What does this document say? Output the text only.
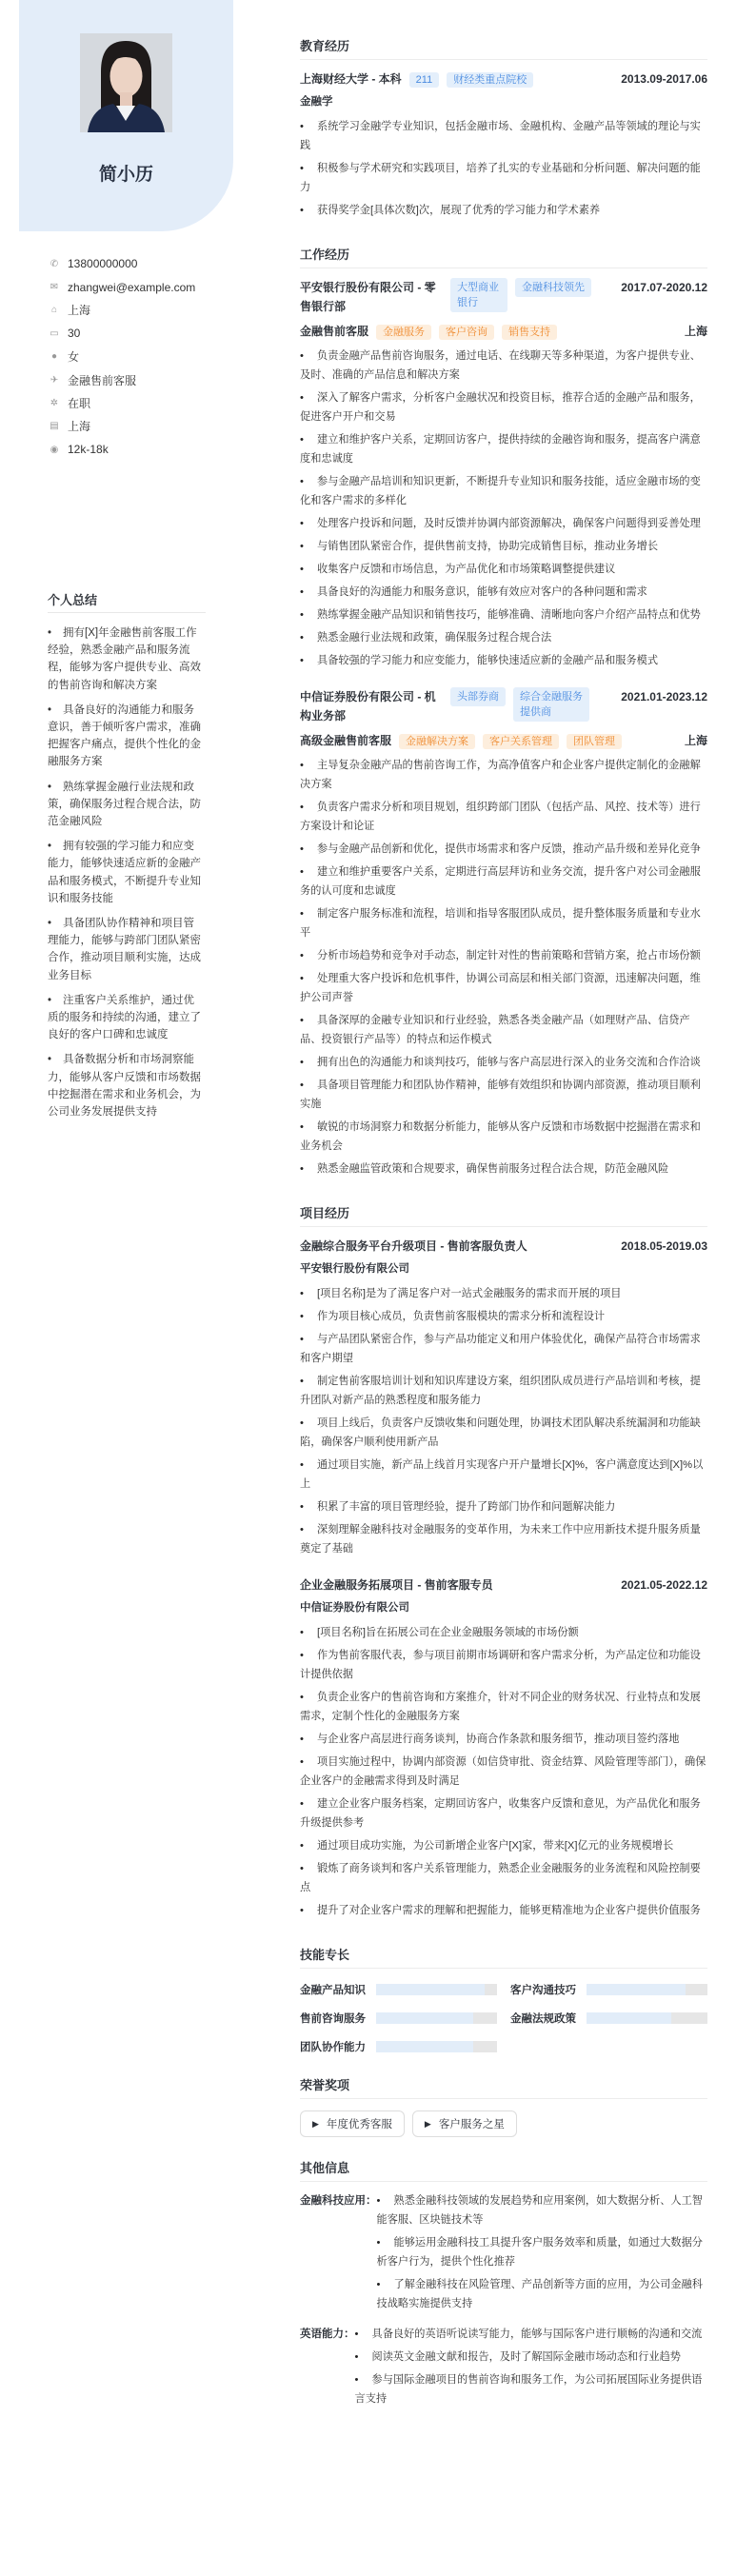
简小历
✆ 13800000000
✉ zhangwei@example.com
⌂ 上海
▭ 30
● 女
✈ 金融售前客服
✲ 在职
▤ 上海
◉ 12k-18k
个人总结
• 拥有[X]年金融售前客服工作经验，熟悉金融产品和服务流程，能够为客户提供专业、高效的售前咨询和解决方案
• 具备良好的沟通能力和服务意识，善于倾听客户需求，准确把握客户痛点，提供个性化的金融服务方案
• 熟练掌握金融行业法规和政策，确保服务过程合规合法，防范金融风险
• 拥有较强的学习能力和应变能力，能够快速适应新的金融产品和服务模式，不断提升专业知识和服务技能
• 具备团队协作精神和项目管理能力，能够与跨部门团队紧密合作，推动项目顺利实施，达成业务目标
• 注重客户关系维护，通过优质的服务和持续的沟通，建立了良好的客户口碑和忠诚度
• 具备数据分析和市场洞察能力，能够从客户反馈和市场数据中挖掘潜在需求和业务机会，为公司业务发展提供支持
教育经历
上海财经大学 - 本科 211 财经类重点院校	2013.09-2017.06
金融学
• 系统学习金融学专业知识，包括金融市场、金融机构、金融产品等领域的理论与实践
• 积极参与学术研究和实践项目，培养了扎实的专业基础和分析问题、解决问题的能力
• 获得奖学金[具体次数]次，展现了优秀的学习能力和学术素养
工作经历
平安银行股份有限公司 - 零售银行部
大型商业银行
金融科技领先	2017.07-2020.12
金融售前客服 金融服务 客户咨询 销售支持	上海
• 负责金融产品售前咨询服务，通过电话、在线聊天等多种渠道，为客户提供专业、及时、准确的产品信息和解决方案
• 深入了解客户需求，分析客户金融状况和投资目标，推荐合适的金融产品和服务，促进客户开户和交易
• 建立和维护客户关系，定期回访客户，提供持续的金融咨询和服务，提高客户满意度和忠诚度
• 参与金融产品培训和知识更新，不断提升专业知识和服务技能，适应金融市场的变化和客户需求的多样化
• 处理客户投诉和问题，及时反馈并协调内部资源解决，确保客户问题得到妥善处理
• 与销售团队紧密合作，提供售前支持，协助完成销售目标，推动业务增长
• 收集客户反馈和市场信息，为产品优化和市场策略调整提供建议
• 具备良好的沟通能力和服务意识，能够有效应对客户的各种问题和需求
• 熟练掌握金融产品知识和销售技巧，能够准确、清晰地向客户介绍产品特点和优势
• 熟悉金融行业法规和政策，确保服务过程合规合法
• 具备较强的学习能力和应变能力，能够快速适应新的金融产品和服务模式
中信证券股份有限公司 - 机构业务部
头部券商	综合金融服务提供商
2021.01-2023.12
高级金融售前客服 金融解决方案 客户关系管理 团队管理	上海
• 主导复杂金融产品的售前咨询工作，为高净值客户和企业客户提供定制化的金融解决方案
• 负责客户需求分析和项目规划，组织跨部门团队（包括产品、风控、技术等）进行方案设计和论证
• 参与金融产品创新和优化，提供市场需求和客户反馈，推动产品升级和差异化竞争
• 建立和维护重要客户关系，定期进行高层拜访和业务交流，提升客户对公司金融服务的认可度和忠诚度
• 制定客户服务标准和流程，培训和指导客服团队成员，提升整体服务质量和专业水平
• 分析市场趋势和竞争对手动态，制定针对性的售前策略和营销方案，抢占市场份额
• 处理重大客户投诉和危机事件，协调公司高层和相关部门资源，迅速解决问题，维护公司声誉
• 具备深厚的金融专业知识和行业经验，熟悉各类金融产品（如理财产品、信贷产品、投资银行产品等）的特点和运作模式
• 拥有出色的沟通能力和谈判技巧，能够与客户高层进行深入的业务交流和合作洽谈
• 具备项目管理能力和团队协作精神，能够有效组织和协调内部资源，推动项目顺利实施
• 敏锐的市场洞察力和数据分析能力，能够从客户反馈和市场数据中挖掘潜在需求和业务机会
• 熟悉金融监管政策和合规要求，确保售前服务过程合法合规，防范金融风险
项目经历
金融综合服务平台升级项目 - 售前客服负责人	2018.05-2019.03
平安银行股份有限公司
• [项目名称]是为了满足客户对一站式金融服务的需求而开展的项目
• 作为项目核心成员，负责售前客服模块的需求分析和流程设计
• 与产品团队紧密合作，参与产品功能定义和用户体验优化，确保产品符合市场需求和客户期望
• 制定售前客服培训计划和知识库建设方案，组织团队成员进行产品培训和考核，提升团队对新产品的熟悉程度和服务能力
• 项目上线后，负责客户反馈收集和问题处理，协调技术团队解决系统漏洞和功能缺陷，确保客户顺利使用新产品
• 通过项目实施，新产品上线首月实现客户开户量增长[X]%，客户满意度达到[X]%以上
• 积累了丰富的项目管理经验，提升了跨部门协作和问题解决能力
• 深刻理解金融科技对金融服务的变革作用，为未来工作中应用新技术提升服务质量奠定了基础
企业金融服务拓展项目 - 售前客服专员	2021.05-2022.12
中信证券股份有限公司
• [项目名称]旨在拓展公司在企业金融服务领域的市场份额
• 作为售前客服代表，参与项目前期市场调研和客户需求分析，为产品定位和功能设计提供依据
• 负责企业客户的售前咨询和方案推介，针对不同企业的财务状况、行业特点和发展需求，定制个性化的金融服务方案
• 与企业客户高层进行商务谈判，协商合作条款和服务细节，推动项目签约落地
• 项目实施过程中，协调内部资源（如信贷审批、资金结算、风险管理等部门），确保企业客户的金融需求得到及时满足
• 建立企业客户服务档案，定期回访客户，收集客户反馈和意见，为产品优化和服务升级提供参考
• 通过项目成功实施，为公司新增企业客户[X]家，带来[X]亿元的业务规模增长
• 锻炼了商务谈判和客户关系管理能力，熟悉企业金融服务的业务流程和风险控制要点
• 提升了对企业客户需求的理解和把握能力，能够更精准地为企业客户提供价值服务
技能专长
金融产品知识	客户沟通技巧
售前咨询服务	金融法规政策
团队协作能力
荣誉奖项
▶ 年度优秀客服	▶ 客户服务之星
其他信息
金融科技应用：	• 熟悉金融科技领域的发展趋势和应用案例，如大数据分析、人工智能客服、区块链技术等
• 能够运用金融科技工具提升客户服务效率和质量，如通过大数据分析客户行为，提供个性化推荐
• 了解金融科技在风险管理、产品创新等方面的应用，为公司金融科技战略实施提供支持
英语能力：	• 具备良好的英语听说读写能力，能够与国际客户进行顺畅的沟通和交流
• 阅读英文金融文献和报告，及时了解国际金融市场动态和行业趋势
• 参与国际金融项目的售前咨询和服务工作，为公司拓展国际业务提供语言支持
